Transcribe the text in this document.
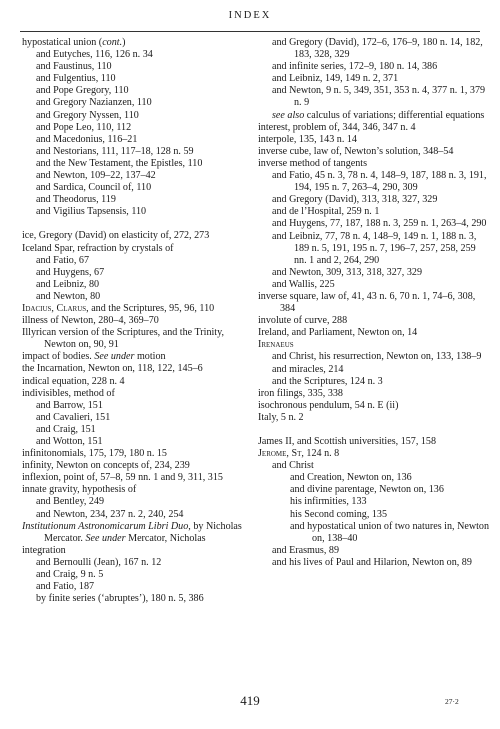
INDEX
hypostatical union (cont.)
and Eutyches, 116, 126 n. 34
and Faustinus, 110
and Fulgentius, 110
and Pope Gregory, 110
and Gregory Nazianzen, 110
and Gregory Nyssen, 110
and Pope Leo, 110, 112
and Macedonius, 116–21
and Nestorians, 111, 117–18, 128 n. 59
and the New Testament, the Epistles, 110
and Newton, 109–22, 137–42
and Sardica, Council of, 110
and Theodorus, 119
and Vigilius Tapsensis, 110
ice, Gregory (David) on elasticity of, 272, 273
Iceland Spar, refraction by crystals of
and Fatio, 67
and Huygens, 67
and Leibniz, 80
and Newton, 80
Idacius, Clarus, and the Scriptures, 95, 96, 110
illness of Newton, 280–4, 369–70
Illyrican version of the Scriptures, and the Trinity, Newton on, 90, 91
impact of bodies. See under motion
the Incarnation, Newton on, 118, 122, 145–6
indical equation, 228 n. 4
indivisibles, method of
and Barrow, 151
and Cavalieri, 151
and Craig, 151
and Wotton, 151
infinitonomials, 175, 179, 180 n. 15
infinity, Newton on concepts of, 234, 239
inflexion, point of, 57–8, 59 nn. 1 and 9, 311, 315
innate gravity, hypothesis of
and Bentley, 249
and Newton, 234, 237 n. 2, 240, 254
Institutionum Astronomicarum Libri Duo, by Nicholas Mercator. See under Mercator, Nicholas
integration
and Bernoulli (Jean), 167 n. 12
and Craig, 9 n. 5
and Fatio, 187
by finite series (‘abruptes’), 180 n. 5, 386
and Gregory (David), 172–6, 176–9, 180 n. 14, 182, 183, 328, 329
and infinite series, 172–9, 180 n. 14, 386
and Leibniz, 149, 149 n. 2, 371
and Newton, 9 n. 5, 349, 351, 353 n. 4, 377 n. 1, 379 n. 9
see also calculus of variations; differential equations
interest, problem of, 344, 346, 347 n. 4
interpole, 135, 143 n. 14
inverse cube, law of, Newton’s solution, 348–54
inverse method of tangents
and Fatio, 45 n. 3, 78 n. 4, 148–9, 187, 188 n. 3, 191, 194, 195 n. 7, 263–4, 290, 309
and Gregory (David), 313, 318, 327, 329
and de l’Hospital, 259 n. 1
and Huygens, 77, 187, 188 n. 3, 259 n. 1, 263–4, 290
and Leibniz, 77, 78 n. 4, 148–9, 149 n. 1, 188 n. 3, 189 n. 5, 191, 195 n. 7, 196–7, 257, 258, 259 nn. 1 and 2, 264, 290
and Newton, 309, 313, 318, 327, 329
and Wallis, 225
inverse square, law of, 41, 43 n. 6, 70 n. 1, 74–6, 308, 384
involute of curve, 288
Ireland, and Parliament, Newton on, 14
Irenaeus
and Christ, his resurrection, Newton on, 133, 138–9
and miracles, 214
and the Scriptures, 124 n. 3
iron filings, 335, 338
isochronous pendulum, 54 n. E (ii)
Italy, 5 n. 2
James II, and Scottish universities, 157, 158
Jerome, St, 124 n. 8
and Christ
and Creation, Newton on, 136
and divine parentage, Newton on, 136
his infirmities, 133
his Second coming, 135
and hypostatical union of two natures in, Newton on, 138–40
and Erasmus, 89
and his lives of Paul and Hilarion, Newton on, 89
419	27·2
